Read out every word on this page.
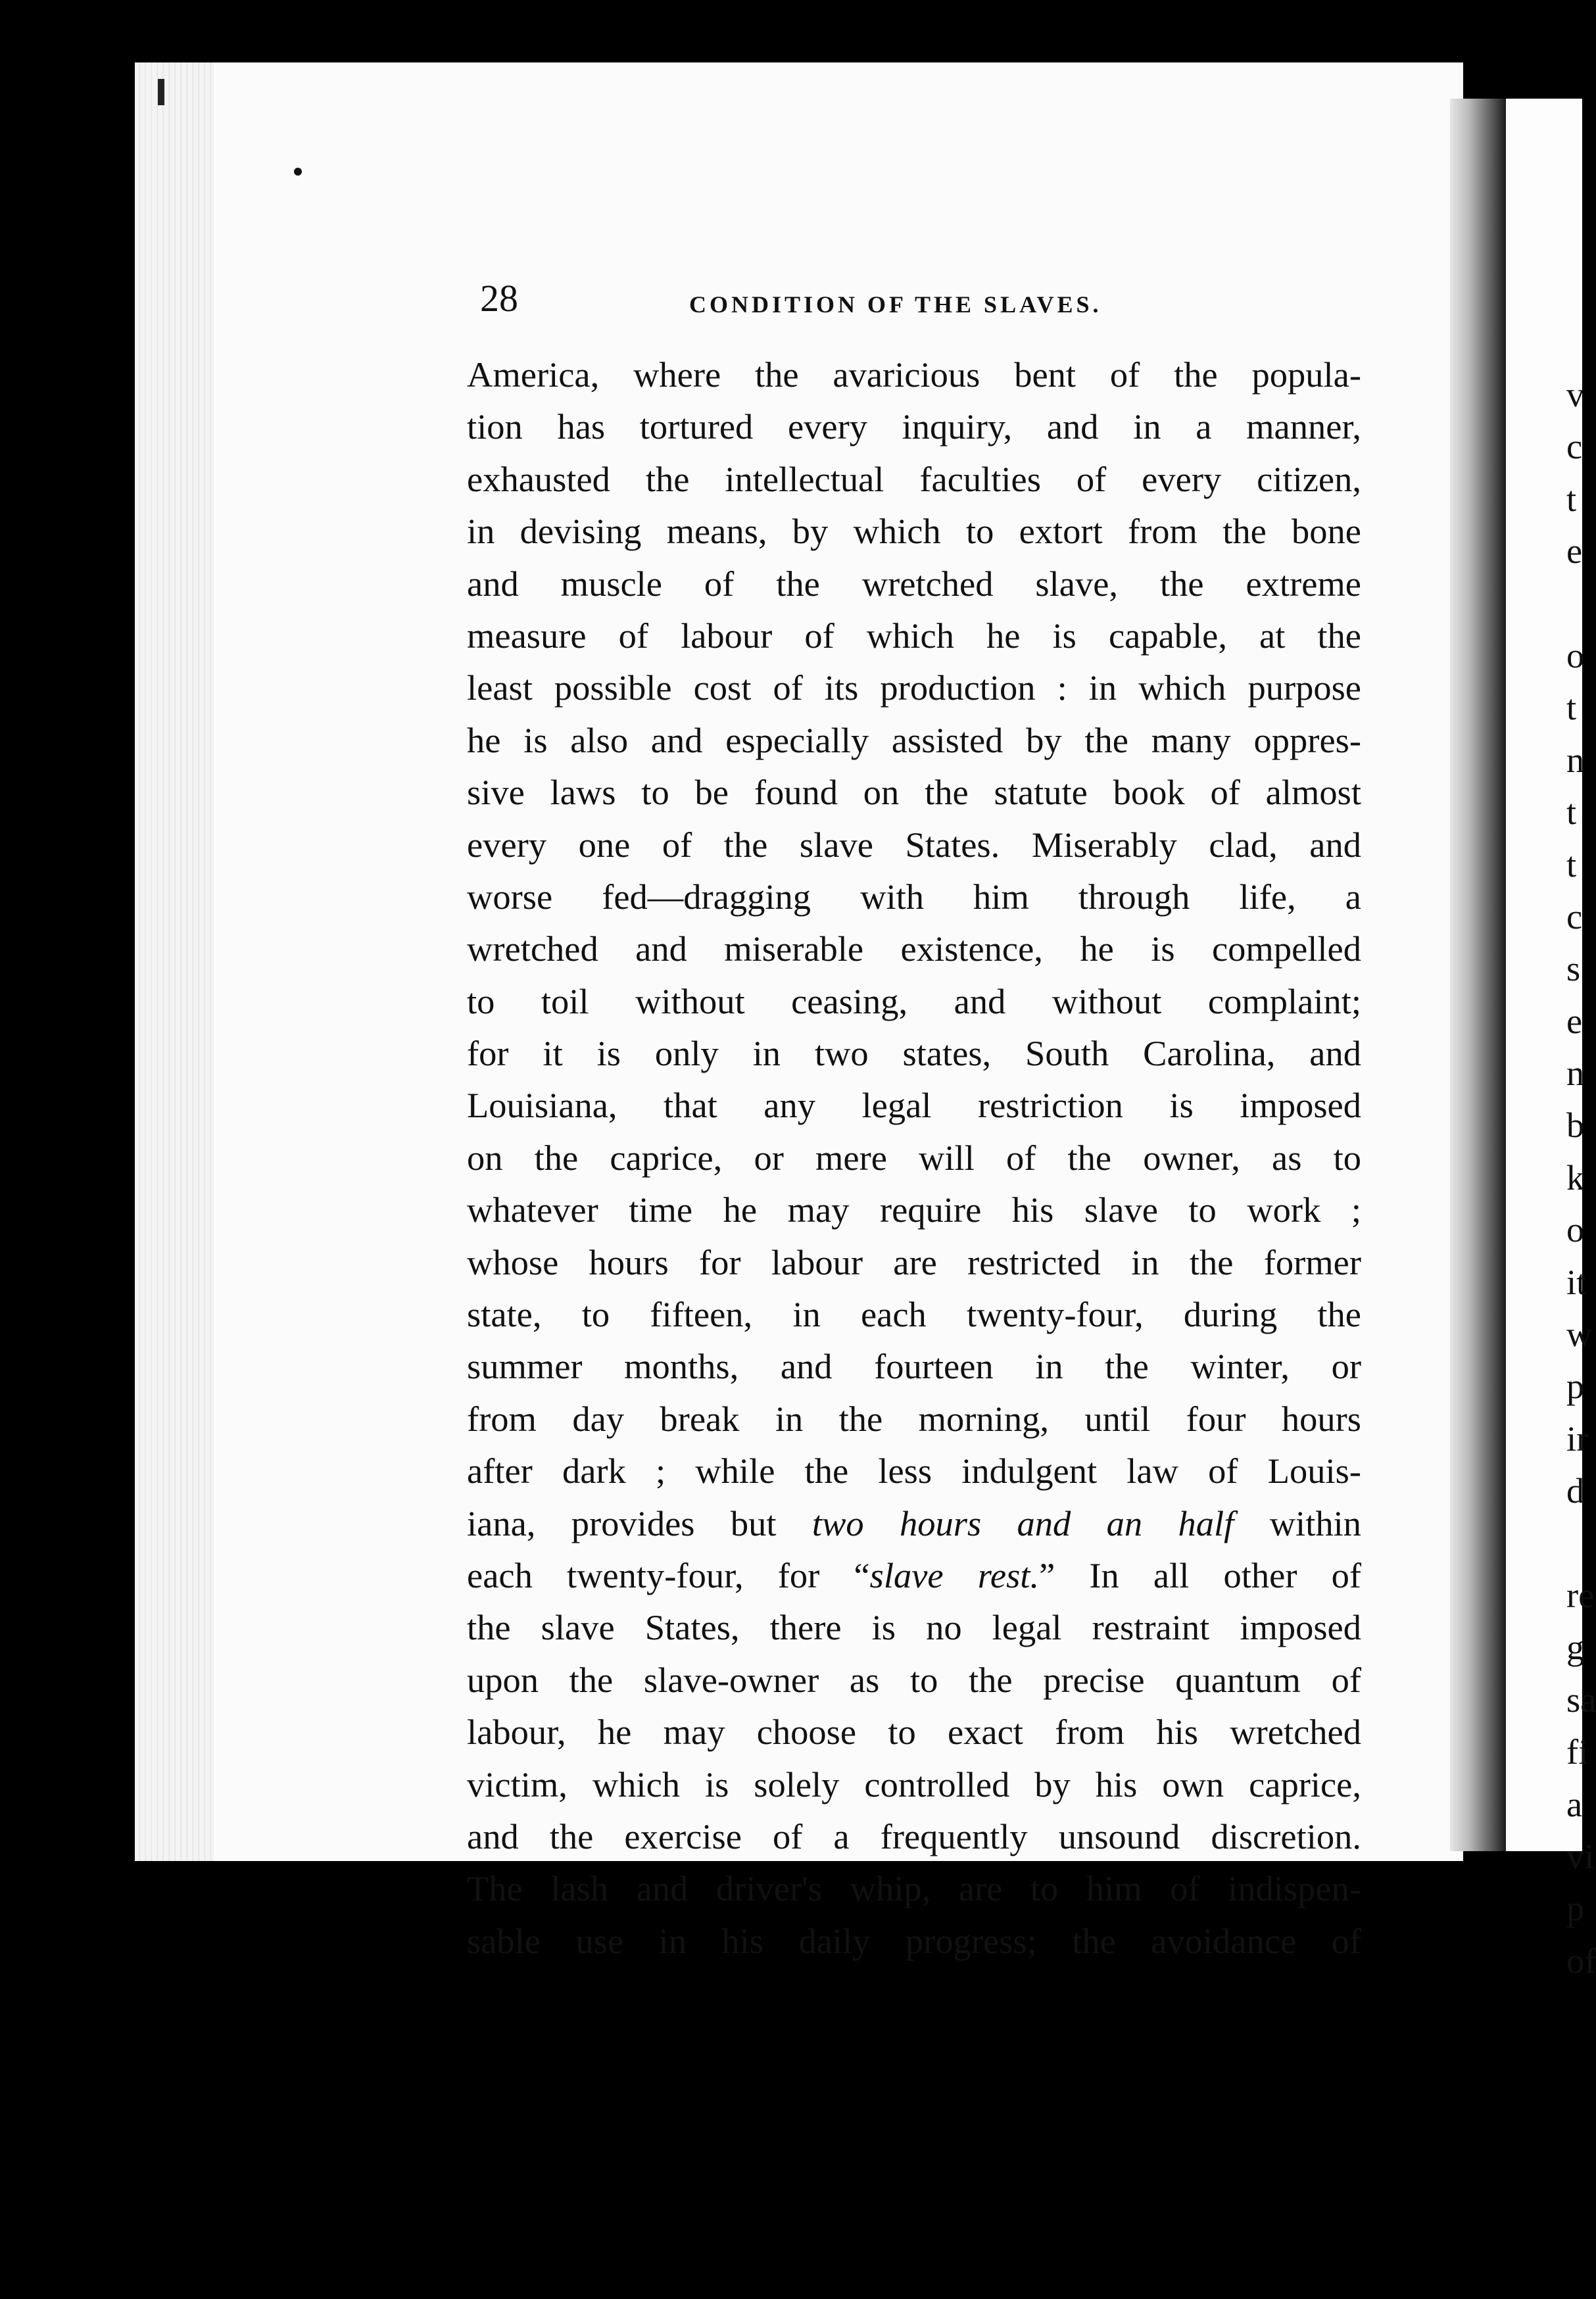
28	CONDITION OF THE SLAVES.
America, where the avaricious bent of the popula-
tion has tortured every inquiry, and in a manner,
exhausted the intellectual faculties of every citizen,
in devising means, by which to extort from the bone
and muscle of the wretched slave, the extreme
measure of labour of which he is capable, at the
least possible cost of its production : in which purpose
he is also and especially assisted by the many oppres-
sive laws to be found on the statute book of almost
every one of the slave States. Miserably clad, and
worse fed—dragging with him through life, a
wretched and miserable existence, he is compelled
to toil without ceasing, and without complaint;
for it is only in two states, South Carolina, and
Louisiana, that any legal restriction is imposed
on the caprice, or mere will of the owner, as to
whatever time he may require his slave to work ;
whose hours for labour are restricted in the former
state, to fifteen, in each twenty-four, during the
summer months, and fourteen in the winter, or
from day break in the morning, until four hours
after dark ; while the less indulgent law of Louis-
iana, provides but two hours and an half within
each twenty-four, for “slave rest.” In all other of
the slave States, there is no legal restraint imposed
upon the slave-owner as to the precise quantum of
labour, he may choose to exact from his wretched
victim, which is solely controlled by his own caprice,
and the exercise of a frequently unsound discretion.
The lash and driver's whip, are to him of indispen-
sable use in his daily progress; the avoidance of
v
c
t
e
o
t
n
t
t
c
s
e
n
b
k
o
it
w
p
ir
d
re
g
sa
fi
a
vi
p
of
